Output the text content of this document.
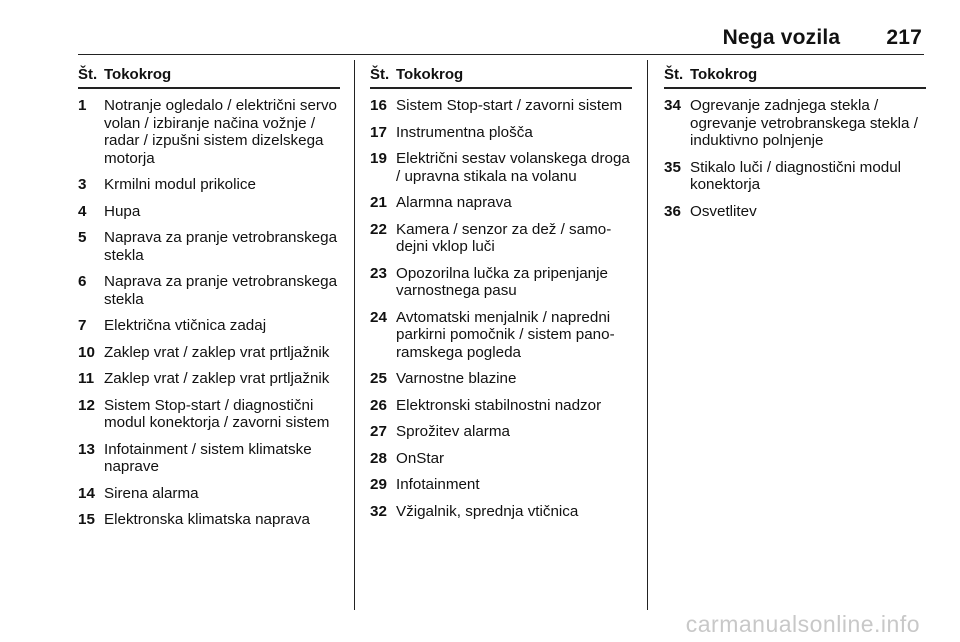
Nega vozila 217
Št. Tokokrog
1	Notranje ogledalo / električni servo volan / izbiranje načina vožnje / radar / izpušni sistem dizelskega motorja
3	Krmilni modul prikolice
4	Hupa
5	Naprava za pranje vetrobranskega stekla
6	Naprava za pranje vetrobranskega stekla
7	Električna vtičnica zadaj
10 Zaklep vrat / zaklep vrat prtljažnik
11 Zaklep vrat / zaklep vrat prtljažnik
12 Sistem Stop-start / diagnostični modul konektorja / zavorni sistem
13 Infotainment / sistem klimatske naprave
14 Sirena alarma
15 Elektronska klimatska naprava
Št. Tokokrog
16 Sistem Stop-start / zavorni sistem
17 Instrumentna plošča
19 Električni sestav volanskega droga / upravna stikala na volanu
21 Alarmna naprava
22 Kamera / senzor za dež / samodejni vklop luči
23 Opozorilna lučka za pripenjanje varnostnega pasu
24 Avtomatski menjalnik / napredni parkirni pomočnik / sistem panoramskega pogleda
25 Varnostne blazine
26 Elektronski stabilnostni nadzor
27 Sprožitev alarma
28 OnStar
29 Infotainment
32 Vžigalnik, sprednja vtičnica
Št. Tokokrog
34 Ogrevanje zadnjega stekla / ogrevanje vetrobranskega stekla / induktivno polnjenje
35 Stikalo luči / diagnostični modul konektorja
36 Osvetlitev
carmanualsonline.info
